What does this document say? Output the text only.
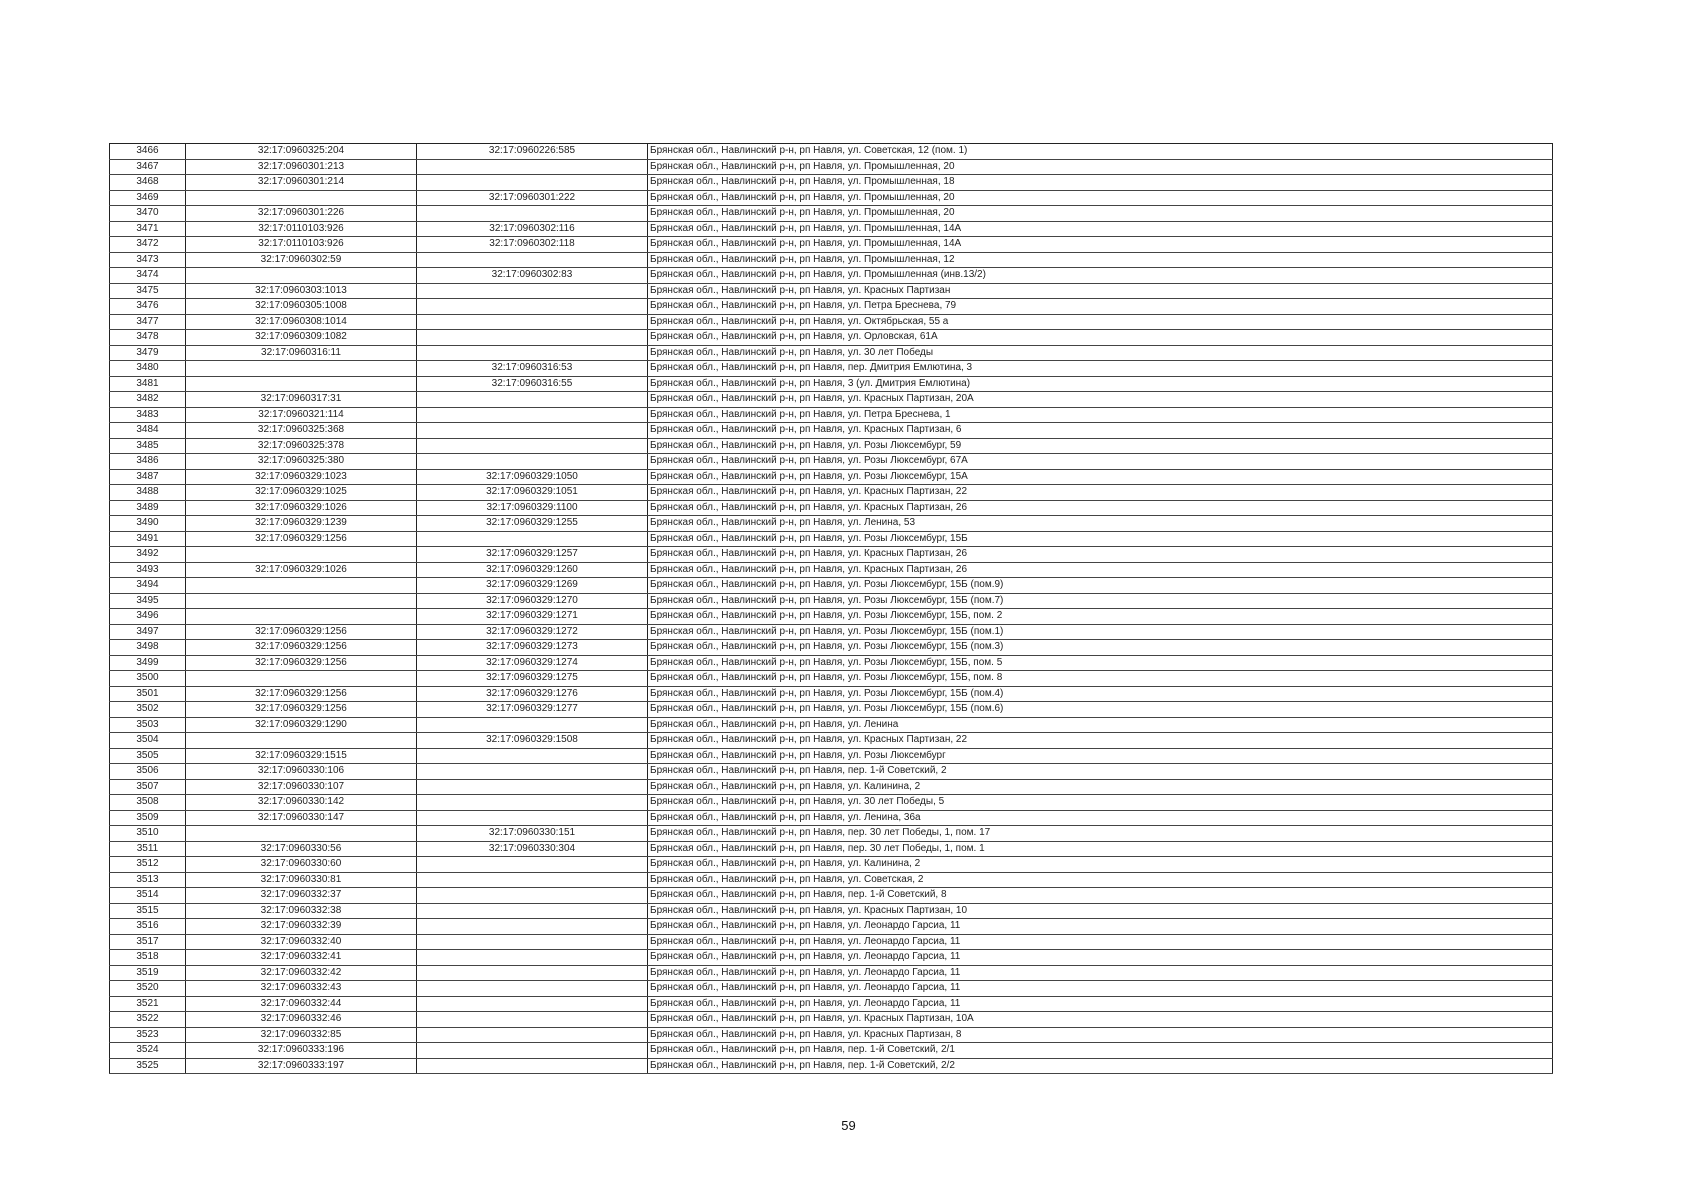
3466	32:17:0960325:204	32:17:0960226:585	Брянская обл., Навлинский р-н, рп Навля, ул. Советская, 12 (пом. 1)
3467	32:17:0960301:213		Брянская обл., Навлинский р-н, рп Навля, ул. Промышленная, 20
3468	32:17:0960301:214		Брянская обл., Навлинский р-н, рп Навля, ул. Промышленная, 18
3469		32:17:0960301:222	Брянская обл., Навлинский р-н, рп Навля, ул. Промышленная, 20
3470	32:17:0960301:226		Брянская обл., Навлинский р-н, рп Навля, ул. Промышленная, 20
3471	32:17:0110103:926	32:17:0960302:116	Брянская обл., Навлинский р-н, рп Навля, ул. Промышленная, 14А
3472	32:17:0110103:926	32:17:0960302:118	Брянская обл., Навлинский р-н, рп Навля, ул. Промышленная, 14А
3473	32:17:0960302:59		Брянская обл., Навлинский р-н, рп Навля, ул. Промышленная, 12
3474		32:17:0960302:83	Брянская обл., Навлинский р-н, рп Навля, ул. Промышленная (инв.13/2)
3475	32:17:0960303:1013		Брянская обл., Навлинский р-н, рп Навля, ул. Красных Партизан
3476	32:17:0960305:1008		Брянская обл., Навлинский р-н, рп Навля, ул. Петра Бреснева, 79
3477	32:17:0960308:1014		Брянская обл., Навлинский р-н, рп Навля, ул. Октябрьская, 55 а
3478	32:17:0960309:1082		Брянская обл., Навлинский р-н, рп Навля, ул. Орловская, 61А
3479	32:17:0960316:11		Брянская обл., Навлинский р-н, рп Навля, ул. 30 лет Победы
3480		32:17:0960316:53	Брянская обл., Навлинский р-н, рп Навля, пер. Дмитрия Емлютина, 3
3481		32:17:0960316:55	Брянская обл., Навлинский р-н, рп Навля, 3 (ул. Дмитрия Емлютина)
3482	32:17:0960317:31		Брянская обл., Навлинский р-н, рп Навля, ул. Красных Партизан, 20А
3483	32:17:0960321:114		Брянская обл., Навлинский р-н, рп Навля, ул. Петра Бреснева, 1
3484	32:17:0960325:368		Брянская обл., Навлинский р-н, рп Навля, ул. Красных Партизан, 6
3485	32:17:0960325:378		Брянская обл., Навлинский р-н, рп Навля, ул. Розы Люксембург, 59
3486	32:17:0960325:380		Брянская обл., Навлинский р-н, рп Навля, ул. Розы Люксембург, 67А
3487	32:17:0960329:1023	32:17:0960329:1050	Брянская обл., Навлинский р-н, рп Навля, ул. Розы Люксембург, 15А
3488	32:17:0960329:1025	32:17:0960329:1051	Брянская обл., Навлинский р-н, рп Навля, ул. Красных Партизан, 22
3489	32:17:0960329:1026	32:17:0960329:1100	Брянская обл., Навлинский р-н, рп Навля, ул. Красных Партизан, 26
3490	32:17:0960329:1239	32:17:0960329:1255	Брянская обл., Навлинский р-н, рп Навля, ул. Ленина, 53
3491	32:17:0960329:1256		Брянская обл., Навлинский р-н, рп Навля, ул. Розы Люксембург, 15Б
3492		32:17:0960329:1257	Брянская обл., Навлинский р-н, рп Навля, ул. Красных Партизан, 26
3493	32:17:0960329:1026	32:17:0960329:1260	Брянская обл., Навлинский р-н, рп Навля, ул. Красных Партизан, 26
3494		32:17:0960329:1269	Брянская обл., Навлинский р-н, рп Навля, ул. Розы Люксембург, 15Б (пом.9)
3495		32:17:0960329:1270	Брянская обл., Навлинский р-н, рп Навля, ул. Розы Люксембург, 15Б (пом.7)
3496		32:17:0960329:1271	Брянская обл., Навлинский р-н, рп Навля, ул. Розы Люксембург, 15Б, пом. 2
3497	32:17:0960329:1256	32:17:0960329:1272	Брянская обл., Навлинский р-н, рп Навля, ул. Розы Люксембург, 15Б (пом.1)
3498	32:17:0960329:1256	32:17:0960329:1273	Брянская обл., Навлинский р-н, рп Навля, ул. Розы Люксембург, 15Б (пом.3)
3499	32:17:0960329:1256	32:17:0960329:1274	Брянская обл., Навлинский р-н, рп Навля, ул. Розы Люксембург, 15Б, пом. 5
3500		32:17:0960329:1275	Брянская обл., Навлинский р-н, рп Навля, ул. Розы Люксембург, 15Б, пом. 8
3501	32:17:0960329:1256	32:17:0960329:1276	Брянская обл., Навлинский р-н, рп Навля, ул. Розы Люксембург, 15Б (пом.4)
3502	32:17:0960329:1256	32:17:0960329:1277	Брянская обл., Навлинский р-н, рп Навля, ул. Розы Люксембург, 15Б (пом.6)
3503	32:17:0960329:1290		Брянская обл., Навлинский р-н, рп Навля, ул. Ленина
3504		32:17:0960329:1508	Брянская обл., Навлинский р-н, рп Навля, ул. Красных Партизан, 22
3505	32:17:0960329:1515		Брянская обл., Навлинский р-н, рп Навля, ул. Розы Люксембург
3506	32:17:0960330:106		Брянская обл., Навлинский р-н, рп Навля, пер. 1-й Советский, 2
3507	32:17:0960330:107		Брянская обл., Навлинский р-н, рп Навля, ул. Калинина, 2
3508	32:17:0960330:142		Брянская обл., Навлинский р-н, рп Навля, ул. 30 лет Победы, 5
3509	32:17:0960330:147		Брянская обл., Навлинский р-н, рп Навля, ул. Ленина, 36а
3510		32:17:0960330:151	Брянская обл., Навлинский р-н, рп Навля, пер. 30 лет Победы, 1, пом. 17
3511	32:17:0960330:56	32:17:0960330:304	Брянская обл., Навлинский р-н, рп Навля, пер. 30 лет Победы, 1, пом. 1
3512	32:17:0960330:60		Брянская обл., Навлинский р-н, рп Навля, ул. Калинина, 2
3513	32:17:0960330:81		Брянская обл., Навлинский р-н, рп Навля, ул. Советская, 2
3514	32:17:0960332:37		Брянская обл., Навлинский р-н, рп Навля, пер. 1-й Советский, 8
3515	32:17:0960332:38		Брянская обл., Навлинский р-н, рп Навля, ул. Красных Партизан, 10
3516	32:17:0960332:39		Брянская обл., Навлинский р-н, рп Навля, ул. Леонардо Гарсиа, 11
3517	32:17:0960332:40		Брянская обл., Навлинский р-н, рп Навля, ул. Леонардо Гарсиа, 11
3518	32:17:0960332:41		Брянская обл., Навлинский р-н, рп Навля, ул. Леонардо Гарсиа, 11
3519	32:17:0960332:42		Брянская обл., Навлинский р-н, рп Навля, ул. Леонардо Гарсиа, 11
3520	32:17:0960332:43		Брянская обл., Навлинский р-н, рп Навля, ул. Леонардо Гарсиа, 11
3521	32:17:0960332:44		Брянская обл., Навлинский р-н, рп Навля, ул. Леонардо Гарсиа, 11
3522	32:17:0960332:46		Брянская обл., Навлинский р-н, рп Навля, ул. Красных Партизан, 10А
3523	32:17:0960332:85		Брянская обл., Навлинский р-н, рп Навля, ул. Красных Партизан, 8
3524	32:17:0960333:196		Брянская обл., Навлинский р-н, рп Навля, пер. 1-й Советский, 2/1
3525	32:17:0960333:197		Брянская обл., Навлинский р-н, рп Навля, пер. 1-й Советский, 2/2
59
